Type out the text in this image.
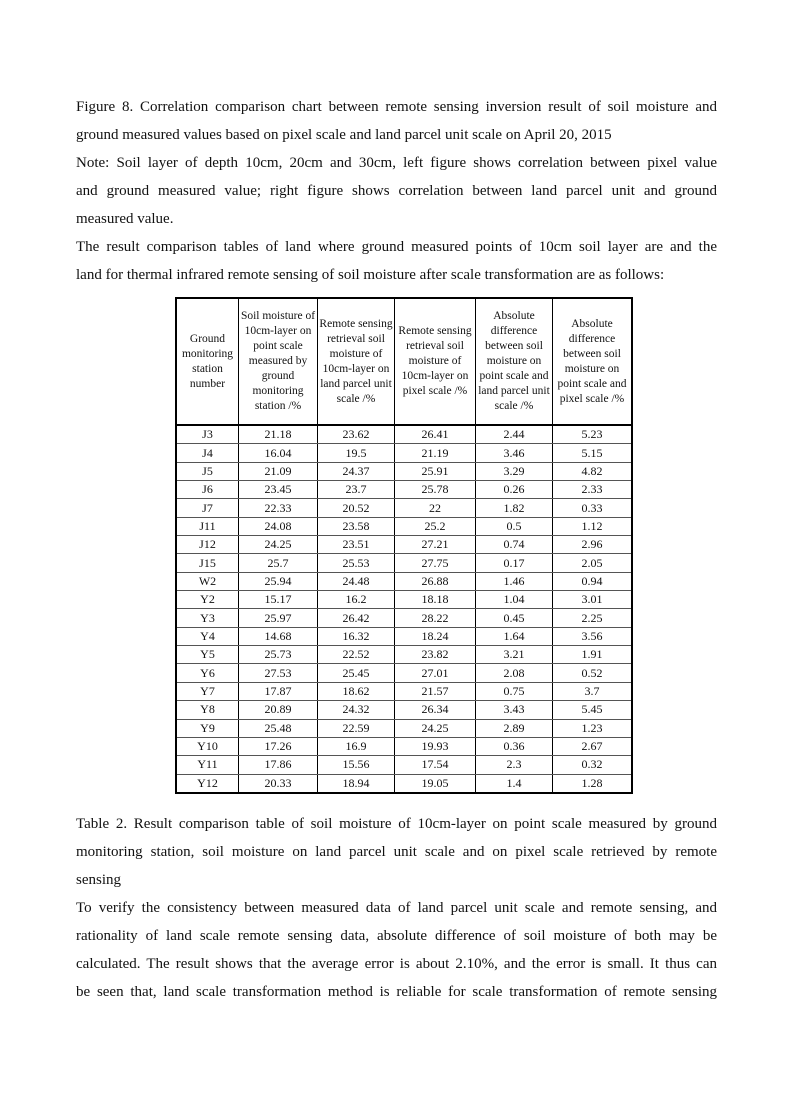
Figure 8. Correlation comparison chart between remote sensing inversion result of soil moisture and
ground measured values based on pixel scale and land parcel unit scale on April 20, 2015

Note: Soil layer of depth 10cm, 20cm and 30cm, left figure shows correlation between pixel value
and ground measured value; right figure shows correlation between land parcel unit and ground
measured value.

The result comparison tables of land where ground measured points of 10cm soil layer are and the
land for thermal infrared remote sensing of soil moisture after scale transformation are as follows:

Ground monitoring station number	Soil moisture of 10cm-layer on point scale measured by ground monitoring station /%	Remote sensing retrieval soil moisture of 10cm-layer on land parcel unit scale /%	Remote sensing retrieval soil moisture of 10cm-layer on pixel scale /%	Absolute difference between soil moisture on point scale and land parcel unit scale /%	Absolute difference between soil moisture on point scale and pixel scale /%
J3	21.18	23.62	26.41	2.44	5.23
J4	16.04	19.5	21.19	3.46	5.15
J5	21.09	24.37	25.91	3.29	4.82
J6	23.45	23.7	25.78	0.26	2.33
J7	22.33	20.52	22	1.82	0.33
J11	24.08	23.58	25.2	0.5	1.12
J12	24.25	23.51	27.21	0.74	2.96
J15	25.7	25.53	27.75	0.17	2.05
W2	25.94	24.48	26.88	1.46	0.94
Y2	15.17	16.2	18.18	1.04	3.01
Y3	25.97	26.42	28.22	0.45	2.25
Y4	14.68	16.32	18.24	1.64	3.56
Y5	25.73	22.52	23.82	3.21	1.91
Y6	27.53	25.45	27.01	2.08	0.52
Y7	17.87	18.62	21.57	0.75	3.7
Y8	20.89	24.32	26.34	3.43	5.45
Y9	25.48	22.59	24.25	2.89	1.23
Y10	17.26	16.9	19.93	0.36	2.67
Y11	17.86	15.56	17.54	2.3	0.32
Y12	20.33	18.94	19.05	1.4	1.28

Table 2. Result comparison table of soil moisture of 10cm-layer on point scale measured by ground
monitoring station, soil moisture on land parcel unit scale and on pixel scale retrieved by remote
sensing

To verify the consistency between measured data of land parcel unit scale and remote sensing, and
rationality of land scale remote sensing data, absolute difference of soil moisture of both may be
calculated. The result shows that the average error is about 2.10%, and the error is small. It thus can
be seen that, land scale transformation method is reliable for scale transformation of remote sensing
